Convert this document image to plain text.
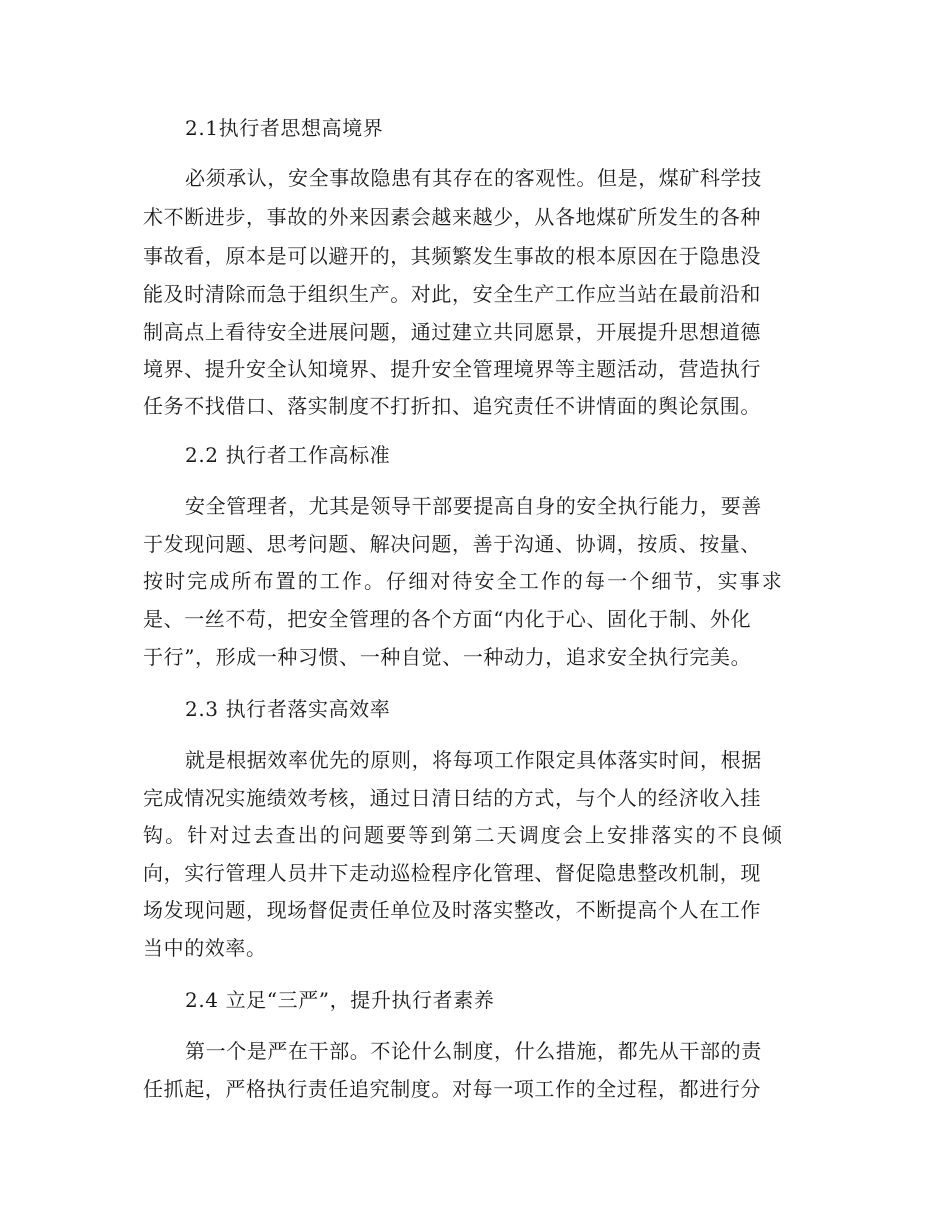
2.1执行者思想高境界
必须承认，安全事故隐患有其存在的客观性。但是，煤矿科学技
术不断进步，事故的外来因素会越来越少，从各地煤矿所发生的各种
事故看，原本是可以避开的，其频繁发生事故的根本原因在于隐患没
能及时清除而急于组织生产。对此，安全生产工作应当站在最前沿和
制高点上看待安全进展问题，通过建立共同愿景，开展提升思想道德
境界、提升安全认知境界、提升安全管理境界等主题活动，营造执行
任务不找借口、落实制度不打折扣、追究责任不讲情面的舆论氛围。
2.2 执行者工作高标准
安全管理者，尤其是领导干部要提高自身的安全执行能力，要善
于发现问题、思考问题、解决问题，善于沟通、协调，按质、按量、
按时完成所布置的工作。仔细对待安全工作的每一个细节，实事求
是、一丝不苟，把安全管理的各个方面“内化于心、固化于制、外化
于行”，形成一种习惯、一种自觉、一种动力，追求安全执行完美。
2.3 执行者落实高效率
就是根据效率优先的原则，将每项工作限定具体落实时间，根据
完成情况实施绩效考核，通过日清日结的方式，与个人的经济收入挂
钩。针对过去查出的问题要等到第二天调度会上安排落实的不良倾
向，实行管理人员井下走动巡检程序化管理、督促隐患整改机制，现
场发现问题，现场督促责任单位及时落实整改，不断提高个人在工作
当中的效率。
2.4 立足“三严”，提升执行者素养
第一个是严在干部。不论什么制度，什么措施，都先从干部的责
任抓起，严格执行责任追究制度。对每一项工作的全过程，都进行分
